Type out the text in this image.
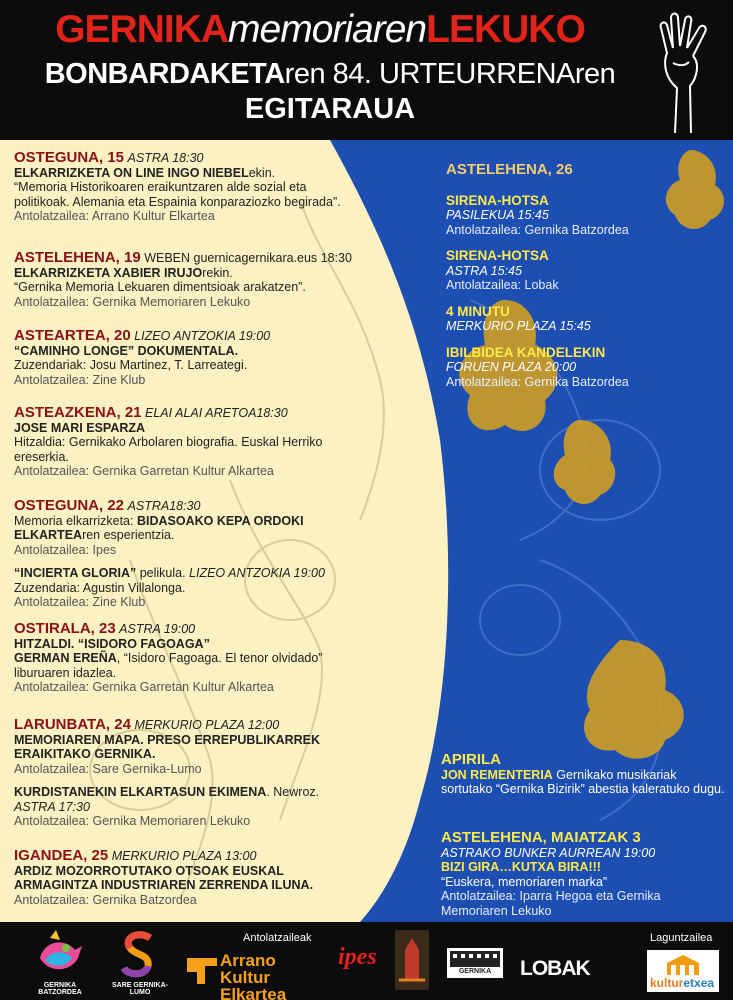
GERNIKAmemoriarenLEKUKO
BONBARDAKETAren 84. URTEURRENAren
EGITARAUA
OSTEGUNA, 15 ASTRA 18:30
ELKARRIZKETA ON LINE INGO NIEBELekin.
“Memoria Historikoaren eraikuntzaren alde sozial eta politikoak. Alemania eta Espainia konparaziozko begirada”.
Antolatzailea: Arrano Kultur Elkartea
ASTELEHENA, 19 WEBEN guernicagernikara.eus 18:30
ELKARRIZKETA XABIER IRUJOrekin.
“Gernika Memoria Lekuaren dimentsioak arakatzen”.
Antolatzailea: Gernika Memoriaren Lekuko
ASTEARTEA, 20 LIZEO ANTZOKIA 19:00
“CAMINHO LONGE” DOKUMENTALA.
Zuzendariak: Josu Martinez, T. Larreategi.
Antolatzailea: Zine Klub
ASTEAZKENA, 21 ELAI ALAI ARETOA18:30
JOSE MARI ESPARZA
Hitzaldia: Gernikako Arbolaren biografia. Euskal Herriko ereserkia.
Antolatzailea: Gernika Garretan Kultur Alkartea
OSTEGUNA, 22 ASTRA18:30
Memoria elkarrizketa: BIDASOAKO KEPA ORDOKI ELKARTEAren esperientzia.
Antolatzailea: Ipes
“INCIERTA GLORIA” pelikula. LIZEO ANTZOKIA 19:00
Zuzendaria: Agustin Villalonga.
Antolatzailea: Zine Klub
OSTIRALA, 23 ASTRA 19:00
HITZALDI. “ISIDORO FAGOAGA”
GERMAN EREÑA, “Isidoro Fagoaga. El tenor olvidado” liburuaren idazlea.
Antolatzailea: Gernika Garretan Kultur Alkartea
LARUNBATA, 24 MERKURIO PLAZA 12:00
MEMORIAREN MAPA. PRESO ERREPUBLIKARREK ERAIKITAKO GERNIKA.
Antolatzailea: Sare Gernika-Lumo
KURDISTANEKIN ELKARTASUN EKIMENA. Newroz.
ASTRA 17:30
Antolatzailea: Gernika Memoriaren Lekuko
IGANDEA, 25 MERKURIO PLAZA 13:00
ARDIZ MOZORROTUTAKO OTSOAK EUSKAL ARMAGINTZA INDUSTRIAREN ZERRENDA ILUNA.
Antolatzailea: Gernika Batzordea
ASTELEHENA, 26
SIRENA-HOTSA
PASILEKUA 15:45
Antolatzailea: Gernika Batzordea
SIRENA-HOTSA
ASTRA 15:45
Antolatzailea: Lobak
4 MINUTU
MERKURIO PLAZA 15:45
IBILBIDEA KANDELEKIN
FORUEN PLAZA 20:00
Antolatzailea: Gernika Batzordea
APIRILA
JON REMENTERIA Gernikako musikariak sortutako “Gernika Bizirik” abestia kaleratuko dugu.
ASTELEHENA, MAIATZAK 3
ASTRAKO BUNKER AURREAN 19:00
BIZI GIRA…KUTXA BIRA!!!
“Euskera, memoriaren marka”
Antolatzailea: Iparra Hegoa eta Gernika Memoriaren Lekuko
Antolatzaileak	Laguntzailea
GERNIKA BATZORDEA
SARE GERNIKA-LUMO
Arrano Kultur
Elkartea
ipes
GERNIKA	LOBAK
kulturetxea
